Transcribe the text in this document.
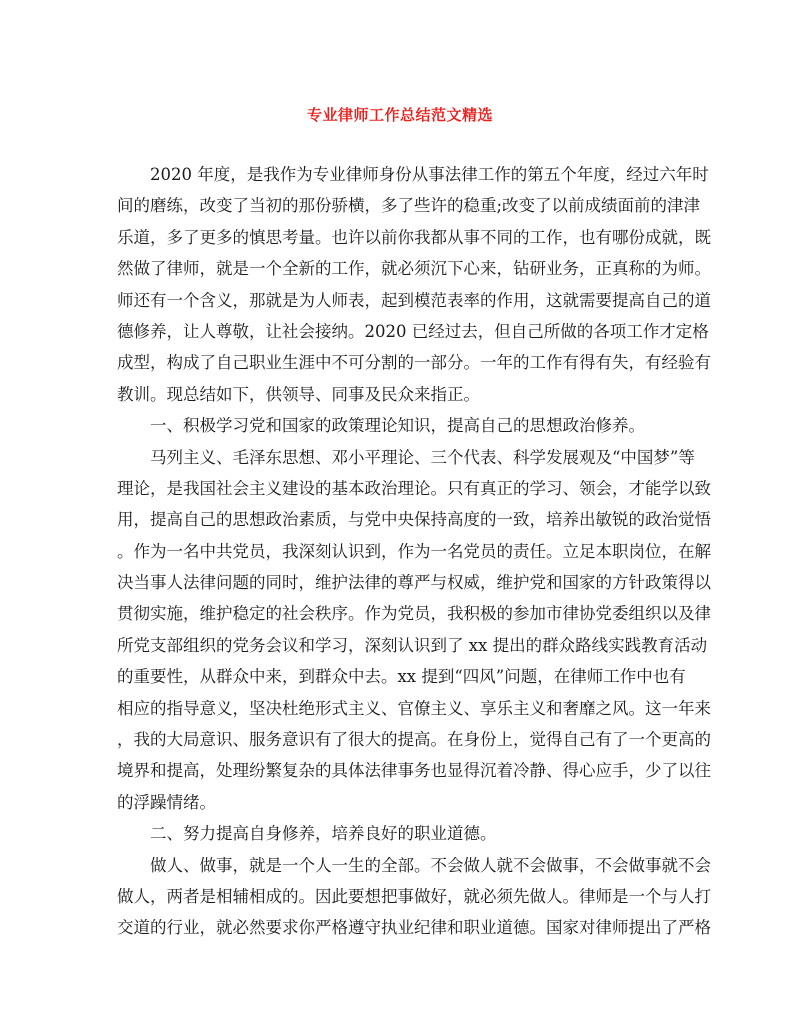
专业律师工作总结范文精选
2020 年度，是我作为专业律师身份从事法律工作的第五个年度，经过六年时
间的磨练，改变了当初的那份骄横，多了些许的稳重;改变了以前成绩面前的津津
乐道，多了更多的慎思考量。也许以前你我都从事不同的工作，也有哪份成就，既
然做了律师，就是一个全新的工作，就必须沉下心来，钻研业务，正真称的为师。
师还有一个含义，那就是为人师表，起到模范表率的作用，这就需要提高自己的道
德修养，让人尊敬，让社会接纳。2020 已经过去，但自己所做的各项工作才定格
成型，构成了自己职业生涯中不可分割的一部分。一年的工作有得有失，有经验有
教训。现总结如下，供领导、同事及民众来指正。
一、积极学习党和国家的政策理论知识，提高自己的思想政治修养。
马列主义、毛泽东思想、邓小平理论、三个代表、科学发展观及“中国梦”等
理论，是我国社会主义建设的基本政治理论。只有真正的学习、领会，才能学以致
用，提高自己的思想政治素质，与党中央保持高度的一致，培养出敏锐的政治觉悟
。作为一名中共党员，我深刻认识到，作为一名党员的责任。立足本职岗位，在解
决当事人法律问题的同时，维护法律的尊严与权威，维护党和国家的方针政策得以
贯彻实施，维护稳定的社会秩序。作为党员，我积极的参加市律协党委组织以及律
所党支部组织的党务会议和学习，深刻认识到了 xx 提出的群众路线实践教育活动
的重要性，从群众中来，到群众中去。xx 提到“四风”问题，在律师工作中也有
相应的指导意义，坚决杜绝形式主义、官僚主义、享乐主义和奢靡之风。这一年来
，我的大局意识、服务意识有了很大的提高。在身份上，觉得自己有了一个更高的
境界和提高，处理纷繁复杂的具体法律事务也显得沉着冷静、得心应手，少了以往
的浮躁情绪。
二、努力提高自身修养，培养良好的职业道德。
做人、做事，就是一个人一生的全部。不会做人就不会做事，不会做事就不会
做人，两者是相辅相成的。因此要想把事做好，就必须先做人。律师是一个与人打
交道的行业，就必然要求你严格遵守执业纪律和职业道德。国家对律师提出了严格
